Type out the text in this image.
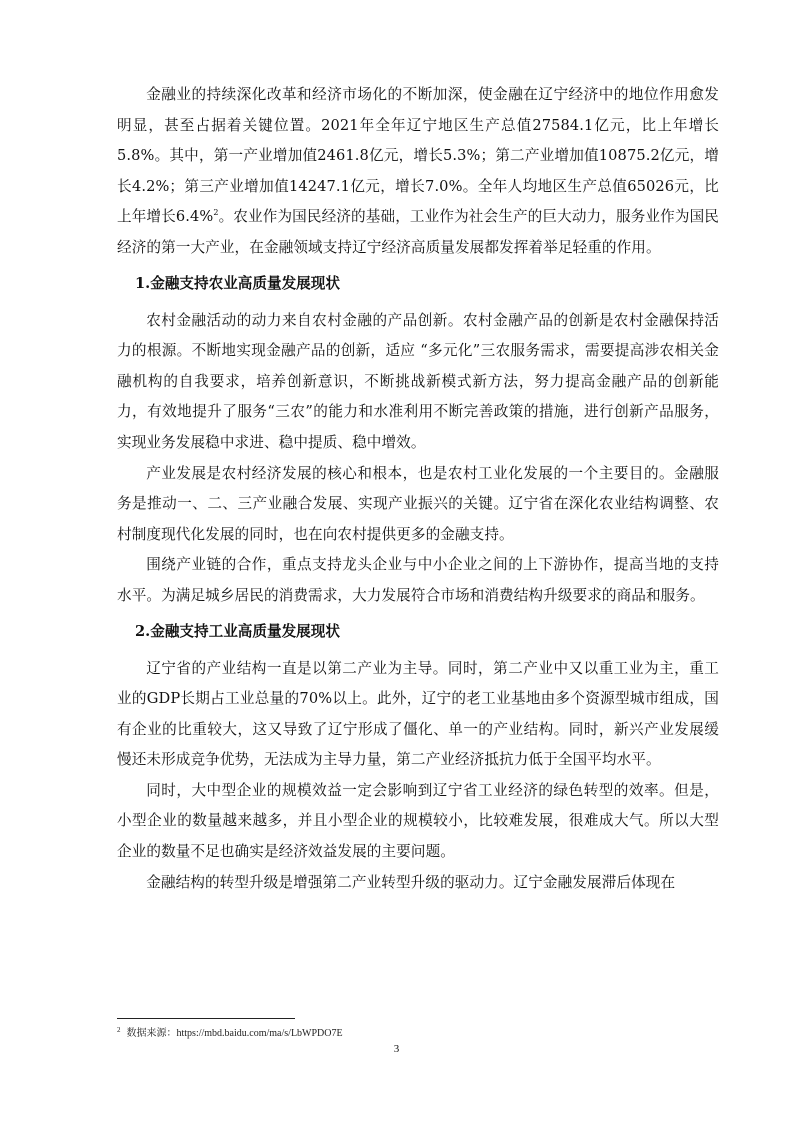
金融业的持续深化改革和经济市场化的不断加深，使金融在辽宁经济中的地位作用愈发明显，甚至占据着关键位置。2021年全年辽宁地区生产总值27584.1亿元，比上年增长5.8%。其中，第一产业增加值2461.8亿元，增长5.3%；第二产业增加值10875.2亿元，增长4.2%；第三产业增加值14247.1亿元，增长7.0%。全年人均地区生产总值65026元，比上年增长6.4%$^2$。农业作为国民经济的基础，工业作为社会生产的巨大动力，服务业作为国民经济的第一大产业，在金融领域支持辽宁经济高质量发展都发挥着举足轻重的作用。

1.金融支持农业高质量发展现状

农村金融活动的动力来自农村金融的产品创新。农村金融产品的创新是农村金融保持活力的根源。不断地实现金融产品的创新，适应 “多元化”三农服务需求，需要提高涉农相关金融机构的自我要求，培养创新意识，不断挑战新模式新方法，努力提高金融产品的创新能力，有效地提升了服务“三农”的能力和水准利用不断完善政策的措施，进行创新产品服务，实现业务发展稳中求进、稳中提质、稳中增效。

产业发展是农村经济发展的核心和根本，也是农村工业化发展的一个主要目的。金融服务是推动一、二、三产业融合发展、实现产业振兴的关键。辽宁省在深化农业结构调整、农村制度现代化发展的同时，也在向农村提供更多的金融支持。

围绕产业链的合作，重点支持龙头企业与中小企业之间的上下游协作，提高当地的支持水平。为满足城乡居民的消费需求，大力发展符合市场和消费结构升级要求的商品和服务。

2.金融支持工业高质量发展现状

辽宁省的产业结构一直是以第二产业为主导。同时，第二产业中又以重工业为主，重工业的GDP长期占工业总量的70%以上。此外，辽宁的老工业基地由多个资源型城市组成，国有企业的比重较大，这又导致了辽宁形成了僵化、单一的产业结构。同时，新兴产业发展缓慢还未形成竞争优势，无法成为主导力量，第二产业经济抵抗力低于全国平均水平。

同时，大中型企业的规模效益一定会影响到辽宁省工业经济的绿色转型的效率。但是，小型企业的数量越来越多，并且小型企业的规模较小，比较难发展，很难成大气。所以大型企业的数量不足也确实是经济效益发展的主要问题。

金融结构的转型升级是增强第二产业转型升级的驱动力。辽宁金融发展滞后体现在

$^2$ 数据来源：https://mbd.baidu.com/ma/s/LbWPDO7E
3
